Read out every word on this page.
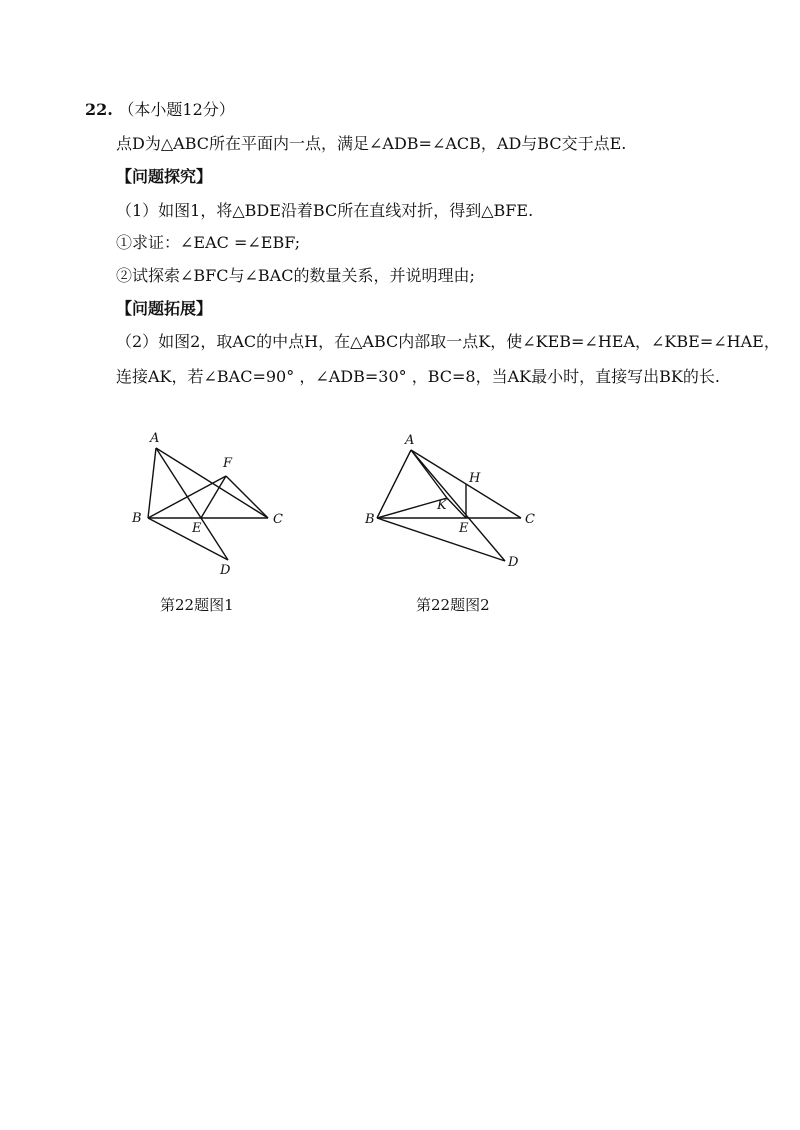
22. （本小题12分）
点D为△ABC所在平面内一点，满足∠ADB=∠ACB，AD与BC交于点E.
【问题探究】
（1）如图1，将△BDE沿着BC所在直线对折，得到△BFE.
①求证：∠EAC =∠EBF;
②试探索∠BFC与∠BAC的数量关系，并说明理由;
【问题拓展】
（2）如图2，取AC的中点H，在△ABC内部取一点K，使∠KEB=∠HEA，∠KBE=∠HAE，
连接AK，若∠BAC=90° ，∠ADB=30° ，BC=8，当AK最小时，直接写出BK的长.
A
B	C
D
E
F
第22题图1
A
B	C
D
E
H
K
第22题图2
